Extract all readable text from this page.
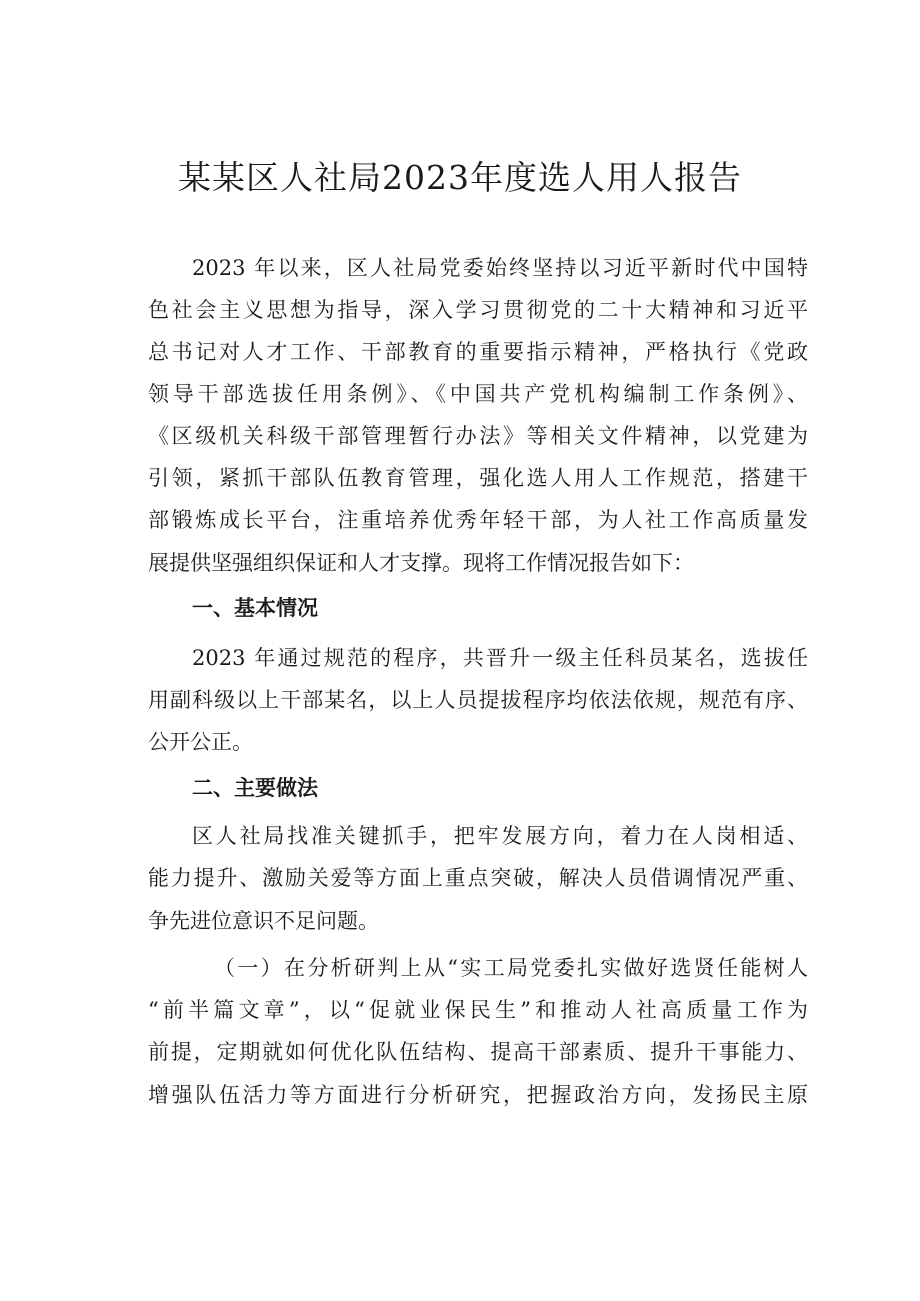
某某区人社局2023年度选人用人报告
2023 年以来，区人社局党委始终坚持以习近平新时代中国特
色社会主义思想为指导，深入学习贯彻党的二十大精神和习近平
总书记对人才工作、干部教育的重要指示精神，严格执行《党政
领导干部选拔任用条例》、《中国共产党机构编制工作条例》、
《区级机关科级干部管理暂行办法》等相关文件精神，以党建为
引领，紧抓干部队伍教育管理，强化选人用人工作规范，搭建干
部锻炼成长平台，注重培养优秀年轻干部，为人社工作高质量发
展提供坚强组织保证和人才支撑。现将工作情况报告如下：
一、基本情况
2023 年通过规范的程序，共晋升一级主任科员某名，选拔任
用副科级以上干部某名，以上人员提拔程序均依法依规，规范有序、
公开公正。
二、主要做法
区人社局找准关键抓手，把牢发展方向，着力在人岗相适、
能力提升、激励关爱等方面上重点突破，解决人员借调情况严重、
争先进位意识不足问题。
（一）在分析研判上从“实工局党委扎实做好选贤任能树人
“前半篇文章”，以“促就业保民生”和推动人社高质量工作为
前提，定期就如何优化队伍结构、提高干部素质、提升干事能力、
增强队伍活力等方面进行分析研究，把握政治方向，发扬民主原
